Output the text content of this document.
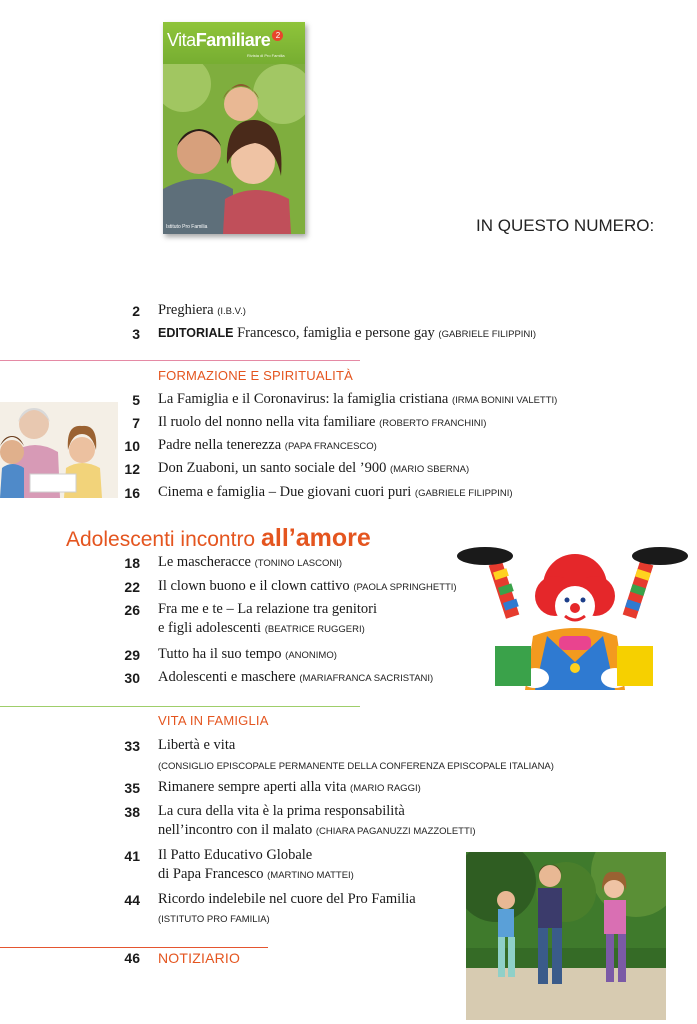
VitaFamiliare 2
Rivista di Pro Familia
Istituto Pro Familia	IN QUESTO NUMERO:
2 Preghiera (I.B.V.)
3 EDITORIALE Francesco, famiglia e persone gay (GABRIELE FILIPPINI)
FORMAZIONE E SPIRITUALITÀ
5 La Famiglia e il Coronavirus: la famiglia cristiana (IRMA BONINI VALETTI)
7 Il ruolo del nonno nella vita familiare (ROBERTO FRANCHINI)
10 Padre nella tenerezza (PAPA FRANCESCO)
12 Don Zuaboni, un santo sociale del ’900 (MARIO SBERNA)
16 Cinema e famiglia – Due giovani cuori puri (GABRIELE FILIPPINI)
Adolescenti incontro all’amore
18 Le mascheracce (TONINO LASCONI)
22 Il clown buono e il clown cattivo (PAOLA SPRINGHETTI)
26 Fra me e te – La relazione tra genitori
e figli adolescenti (BEATRICE RUGGERI)
29 Tutto ha il suo tempo (ANONIMO)
30 Adolescenti e maschere (MARIAFRANCA SACRISTANI)
VITA IN FAMIGLIA
33 Libertà e vita
(CONSIGLIO EPISCOPALE PERMANENTE DELLA CONFERENZA EPISCOPALE ITALIANA)
35 Rimanere sempre aperti alla vita (MARIO RAGGI)
38 La cura della vita è la prima responsabilità
nell’incontro con il malato (CHIARA PAGANUZZI MAZZOLETTI)
41 Il Patto Educativo Globale
di Papa Francesco (MARTINO MATTEI)
44 Ricordo indelebile nel cuore del Pro Familia
(ISTITUTO PRO FAMILIA)
46 NOTIZIARIO
